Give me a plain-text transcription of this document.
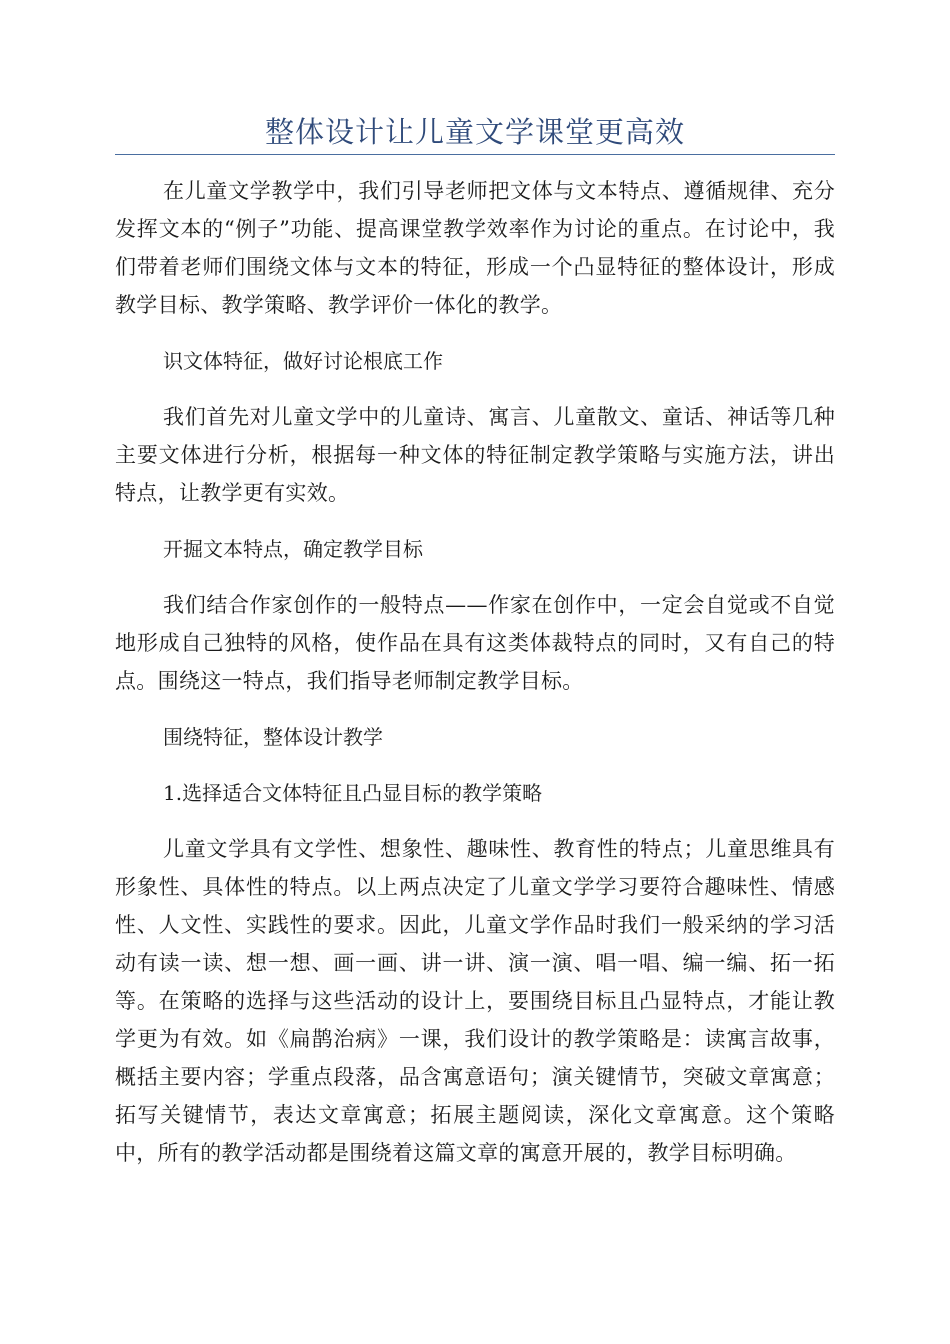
整体设计让儿童文学课堂更高效

在儿童文学教学中，我们引导老师把文体与文本特点、遵循规律、充分发挥文本的“例子”功能、提高课堂教学效率作为讨论的重点。在讨论中，我们带着老师们围绕文体与文本的特征，形成一个凸显特征的整体设计，形成教学目标、教学策略、教学评价一体化的教学。

识文体特征，做好讨论根底工作

我们首先对儿童文学中的儿童诗、寓言、儿童散文、童话、神话等几种主要文体进行分析，根据每一种文体的特征制定教学策略与实施方法，讲出特点，让教学更有实效。

开掘文本特点，确定教学目标

我们结合作家创作的一般特点——作家在创作中，一定会自觉或不自觉地形成自己独特的风格，使作品在具有这类体裁特点的同时，又有自己的特点。围绕这一特点，我们指导老师制定教学目标。

围绕特征，整体设计教学

1.选择适合文体特征且凸显目标的教学策略

儿童文学具有文学性、想象性、趣味性、教育性的特点；儿童思维具有形象性、具体性的特点。以上两点决定了儿童文学学习要符合趣味性、情感性、人文性、实践性的要求。因此，儿童文学作品时我们一般采纳的学习活动有读一读、想一想、画一画、讲一讲、演一演、唱一唱、编一编、拓一拓等。在策略的选择与这些活动的设计上，要围绕目标且凸显特点，才能让教学更为有效。如《扁鹊治病》一课，我们设计的教学策略是：读寓言故事，概括主要内容；学重点段落，品含寓意语句；演关键情节，突破文章寓意；拓写关键情节，表达文章寓意；拓展主题阅读，深化文章寓意。这个策略中，所有的教学活动都是围绕着这篇文章的寓意开展的，教学目标明确。
